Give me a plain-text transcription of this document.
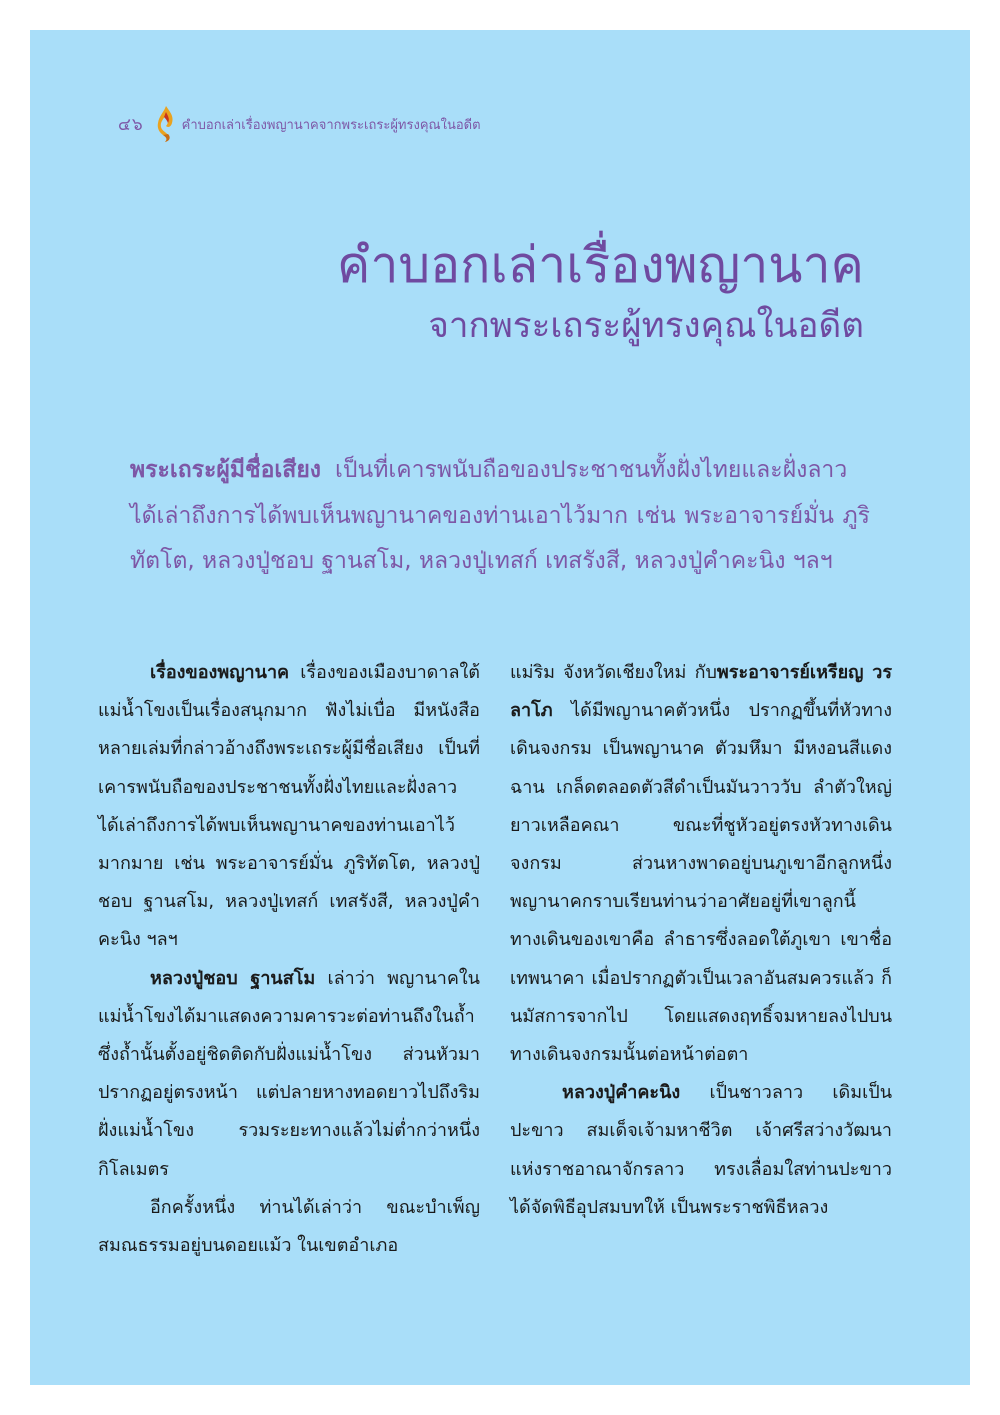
๔๖	คำบอกเล่าเรื่องพญานาคจากพระเถระผู้ทรงคุณในอดีต
คำบอกเล่าเรื่องพญานาค
จากพระเถระผู้ทรงคุณในอดีต
พระเถระผู้มีชื่อเสียง เป็นที่เคารพนับถือของประชาชนทั้งฝั่งไทยและฝั่งลาว ได้เล่าถึงการได้พบเห็นพญานาคของท่านเอาไว้มาก เช่น พระอาจารย์มั่น ภูริทัตโต, หลวงปู่ชอบ ฐานสโม, หลวงปู่เทสก์ เทสรังสี, หลวงปู่คำคะนิง ฯลฯ

เรื่องของพญานาค เรื่องของเมืองบาดาลใต้แม่น้ำโขงเป็นเรื่องสนุกมาก ฟังไม่เบื่อ มีหนังสือหลายเล่มที่กล่าวอ้างถึงพระเถระผู้มีชื่อเสียง เป็นที่เคารพนับถือของประชาชนทั้งฝั่งไทยและฝั่งลาว ได้เล่าถึงการได้พบเห็นพญานาคของท่านเอาไว้มากมาย เช่น พระอาจารย์มั่น ภูริทัตโต, หลวงปู่ชอบ ฐานสโม, หลวงปู่เทสก์ เทสรังสี, หลวงปู่คำคะนิง ฯลฯ

หลวงปู่ชอบ ฐานสโม เล่าว่า พญานาคในแม่น้ำโขงได้มาแสดงความคารวะต่อท่านถึงในถ้ำ ซึ่งถ้ำนั้นตั้งอยู่ชิดติดกับฝั่งแม่น้ำโขง ส่วนหัวมาปรากฏอยู่ตรงหน้า แต่ปลายหางทอดยาวไปถึงริมฝั่งแม่น้ำโขง รวมระยะทางแล้วไม่ต่ำกว่าหนึ่งกิโลเมตร

อีกครั้งหนึ่ง ท่านได้เล่าว่า ขณะบำเพ็ญสมณธรรมอยู่บนดอยแม้ว ในเขตอำเภอ

แม่ริม จังหวัดเชียงใหม่ กับพระอาจารย์เหรียญ วรลาโภ ได้มีพญานาคตัวหนึ่ง ปรากฏขึ้นที่หัวทางเดินจงกรม เป็นพญานาค ตัวมหึมา มีหงอนสีแดงฉาน เกล็ดตลอดตัวสีดำเป็นมันวาววับ ลำตัวใหญ่ยาวเหลือคณา ขณะที่ชูหัวอยู่ตรงหัวทางเดินจงกรม ส่วนหางพาดอยู่บนภูเขาอีกลูกหนึ่ง พญานาคกราบเรียนท่านว่าอาศัยอยู่ที่เขาลูกนี้ ทางเดินของเขาคือ ลำธารซึ่งลอดใต้ภูเขา เขาชื่อเทพนาคา เมื่อปรากฏตัวเป็นเวลาอันสมควรแล้ว ก็นมัสการจากไป โดยแสดงฤทธิ์จมหายลงไปบนทางเดินจงกรมนั้นต่อหน้าต่อตา

หลวงปู่คำคะนิง เป็นชาวลาว เดิมเป็นปะขาว สมเด็จเจ้ามหาชีวิต เจ้าศรีสว่างวัฒนา แห่งราชอาณาจักรลาว ทรงเลื่อมใสท่านปะขาว ได้จัดพิธีอุปสมบทให้ เป็นพระราชพิธีหลวง
